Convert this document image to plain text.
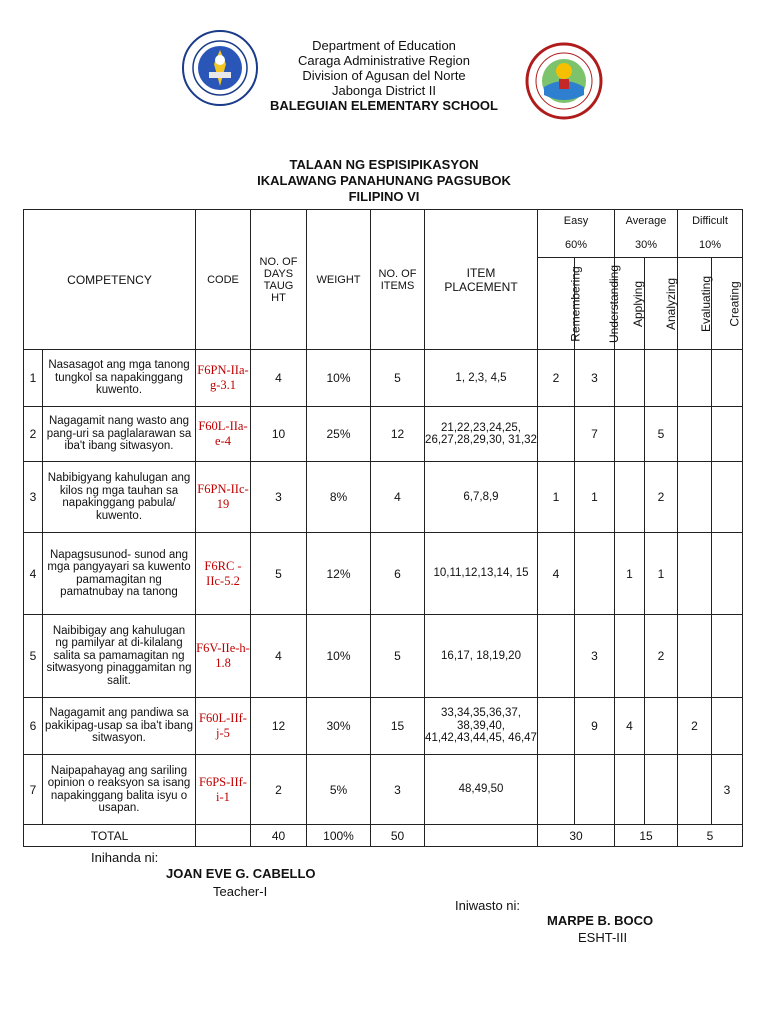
Department of Education
Caraga Administrative Region
Division of Agusan del Norte
Jabonga District II
BALEGUIAN ELEMENTARY SCHOOL
TALAAN NG ESPISIPIKASYON
IKALAWANG PANAHUNANG PAGSUBOK
FILIPINO VI
COMPETENCY		CODE	NO. OF DAYS TAUG HT	WEIGHT	NO. OF ITEMS	ITEM PLACEMENT	Easy		Average		Difficult	
							60%		30%		10%	
							Remembering	Understanding	Applying	Analyzing	Evaluating	Creating
1	Nasasagot ang mga tanong tungkol sa napakinggang kuwento.	F6PN-IIa-g-3.1	4	10%	5	1, 2,3, 4,5	2	3				
2	Nagagamit nang wasto ang pang-uri sa paglalarawan sa iba't ibang sitwasyon.	F60L-IIa-e-4	10	25%	12	21,22,23,24,25, 26,27,28,29,30, 31,32		7		5		
3	Nabibigyang kahulugan ang kilos ng mga tauhan sa napakinggang pabula/ kuwento.	F6PN-IIc-19	3	8%	4	6,7,8,9	1	1		2		
4	Napagsusunod- sunod ang mga pangyayari sa kuwento pamamagitan ng pamatnubay na tanong	F6RC -IIc-5.2	5	12%	6	10,11,12,13,14, 15	4		1	1		
5	Naibibigay ang kahulugan ng pamilyar at di-kilalang salita sa pamamagitan ng sitwasyong pinaggamitan ng salit.	F6V-IIe-h-1.8	4	10%	5	16,17, 18,19,20		3		2		
6	Nagagamit ang pandiwa sa pakikipag-usap sa iba't ibang sitwasyon.	F60L-IIf-j-5	12	30%	15	33,34,35,36,37, 38,39,40, 41,42,43,44,45, 46,47		9	4		2	
7	Naipapahayag ang sariling opinion o reaksyon sa isang napakinggang balita isyu o usapan.	F6PS-IIf-i-1	2	5%	3	48,49,50						3
TOTAL			40	100%	50		30		15		5	
Inihanda ni:
JOAN EVE G. CABELLO
Teacher-I
Iniwasto ni:
MARPE B. BOCO
ESHT-III
